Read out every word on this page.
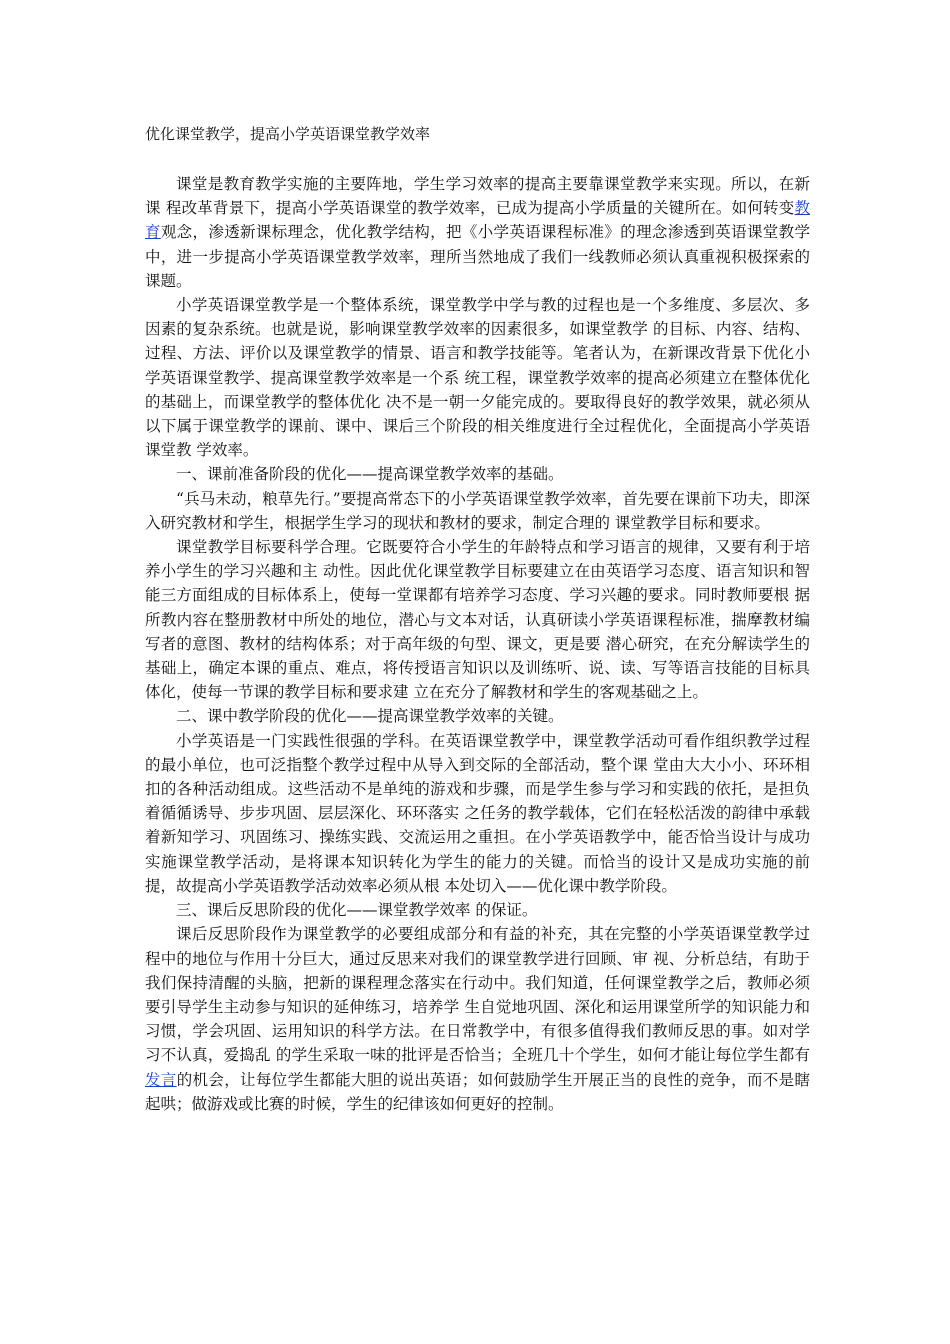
优化课堂教学，提高小学英语课堂教学效率

课堂是教育教学实施的主要阵地，学生学习效率的提高主要靠课堂教学来实现。所以，在新课 程改革背景下，提高小学英语课堂的教学效率，已成为提高小学质量的关键所在。如何转变教育观念，渗透新课标理念，优化教学结构，把《小学英语课程标准》的理念渗透到英语课堂教学中，进一步提高小学英语课堂教学效率，理所当然地成了我们一线教师必须认真重视积极探索的课题。

小学英语课堂教学是一个整体系统，课堂教学中学与教的过程也是一个多维度、多层次、多因素的复杂系统。也就是说，影响课堂教学效率的因素很多，如课堂教学 的目标、内容、结构、过程、方法、评价以及课堂教学的情景、语言和教学技能等。笔者认为，在新课改背景下优化小学英语课堂教学、提高课堂教学效率是一个系 统工程，课堂教学效率的提高必须建立在整体优化的基础上，而课堂教学的整体优化 决不是一朝一夕能完成的。要取得良好的教学效果，就必须从以下属于课堂教学的课前、课中、课后三个阶段的相关维度进行全过程优化，全面提高小学英语课堂教 学效率。

一、课前准备阶段的优化——提高课堂教学效率的基础。

“兵马未动，粮草先行。”要提高常态下的小学英语课堂教学效率，首先要在课前下功夫，即深入研究教材和学生，根据学生学习的现状和教材的要求，制定合理的 课堂教学目标和要求。

课堂教学目标要科学合理。它既要符合小学生的年龄特点和学习语言的规律，又要有利于培养小学生的学习兴趣和主 动性。因此优化课堂教学目标要建立在由英语学习态度、语言知识和智能三方面组成的目标体系上，使每一堂课都有培养学习态度、学习兴趣的要求。同时教师要根 据所教内容在整册教材中所处的地位，潜心与文本对话，认真研读小学英语课程标准，揣摩教材编写者的意图、教材的结构体系；对于高年级的句型、课文，更是要 潜心研究，在充分解读学生的基础上，确定本课的重点、难点，将传授语言知识以及训练听、说、读、写等语言技能的目标具体化，使每一节课的教学目标和要求建 立在充分了解教材和学生的客观基础之上。

二、课中教学阶段的优化——提高课堂教学效率的关键。

小学英语是一门实践性很强的学科。在英语课堂教学中，课堂教学活动可看作组织教学过程的最小单位，也可泛指整个教学过程中从导入到交际的全部活动，整个课 堂由大大小小、环环相扣的各种活动组成。这些活动不是单纯的游戏和步骤，而是学生参与学习和实践的依托，是担负着循循诱导、步步巩固、层层深化、环环落实 之任务的教学载体，它们在轻松活泼的韵律中承载着新知学习、巩固练习、操练实践、交流运用之重担。在小学英语教学中，能否恰当设计与成功实施课堂教学活动，是将课本知识转化为学生的能力的关键。而恰当的设计又是成功实施的前提，故提高小学英语教学活动效率必须从根 本处切入——优化课中教学阶段。

三、课后反思阶段的优化——课堂教学效率 的保证。

课后反思阶段作为课堂教学的必要组成部分和有益的补充，其在完整的小学英语课堂教学过程中的地位与作用十分巨大，通过反思来对我们的课堂教学进行回顾、审 视、分析总结，有助于我们保持清醒的头脑，把新的课程理念落实在行动中。我们知道，任何课堂教学之后，教师必须要引导学生主动参与知识的延伸练习，培养学 生自觉地巩固、深化和运用课堂所学的知识能力和习惯，学会巩固、运用知识的科学方法。在日常教学中，有很多值得我们教师反思的事。如对学习不认真，爱捣乱 的学生采取一味的批评是否恰当；全班几十个学生，如何才能让每位学生都有发言的机会，让每位学生都能大胆的说出英语；如何鼓励学生开展正当的良性的竞争，而不是瞎起哄；做游戏或比赛的时候，学生的纪律该如何更好的控制。
